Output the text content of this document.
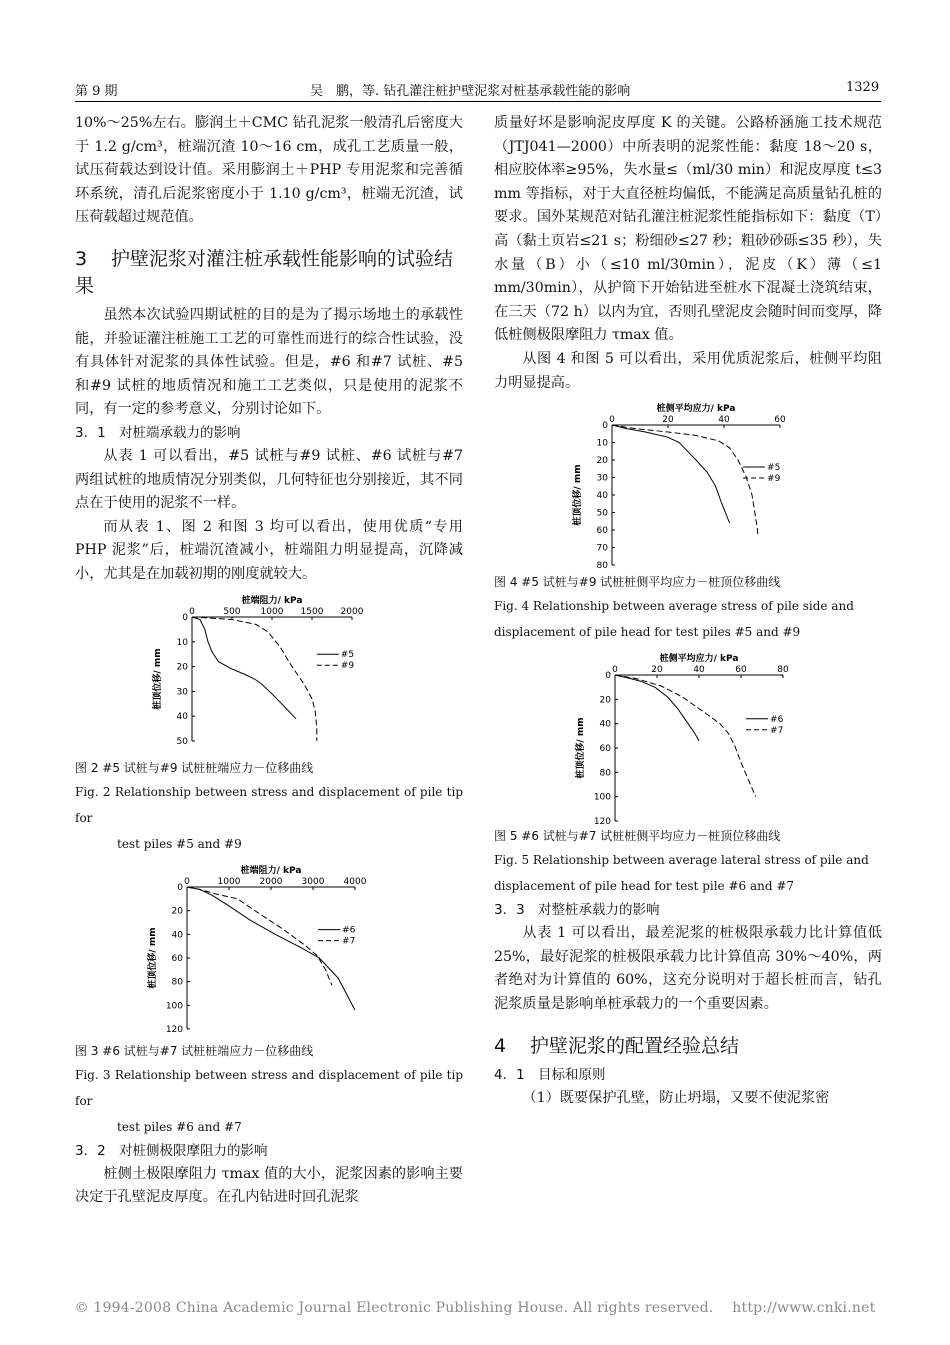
第 9 期	吴　鹏，等. 钻孔灌注桩护壁泥浆对桩基承载性能的影响	1329

10%～25%左右。膨润土＋CMC 钻孔泥浆一般清孔后密度大于 1.2 g/cm³，桩端沉渣 10～16 cm，成孔工艺质量一般，试压荷载达到设计值。采用膨润土＋PHP 专用泥浆和完善循环系统，清孔后泥浆密度小于 1.10 g/cm³，桩端无沉渣，试压荷载超过规范值。

3 护壁泥浆对灌注桩承载性能影响的试验结果

虽然本次试验四期试桩的目的是为了揭示场地土的承载性能，并验证灌注桩施工工艺的可靠性而进行的综合性试验，没有具体针对泥浆的具体性试验。但是，#6 和#7 试桩、#5 和#9 试桩的地质情况和施工工艺类似，只是使用的泥浆不同，有一定的参考意义，分别讨论如下。

3．1 对桩端承载力的影响

从表 1 可以看出，#5 试桩与#9 试桩、#6 试桩与#7 两组试桩的地质情况分别类似，几何特征也分别接近，其不同点在于使用的泥浆不一样。

而从表 1、图 2 和图 3 均可以看出，使用优质“专用 PHP 泥浆”后，桩端沉渣减小，桩端阻力明显提高，沉降减小，尤其是在加载初期的刚度就较大。

桩端阻力/ kPa
桩顶位移/ mm
0	500 1000 1500 2000
0
10
20
30
40
50
#5
#9

图 2 #5 试桩与#9 试桩桩端应力－位移曲线

Fig. 2 Relationship between stress and displacement of pile tip for

test piles #5 and #9

桩端阻力/ kPa
桩顶位移/ mm
0	1000 2000 3000 4000
0
20
40
60
80
100
120
#6
#7

图 3 #6 试桩与#7 试桩桩端应力－位移曲线

Fig. 3 Relationship between stress and displacement of pile tip for

test piles #6 and #7

3．2 对桩侧极限摩阻力的影响

桩侧土极限摩阻力 τmax 值的大小，泥浆因素的影响主要决定于孔壁泥皮厚度。在孔内钻进时回孔泥浆

质量好坏是影响泥皮厚度 K 的关键。公路桥涵施工技术规范（JTJ041—2000）中所表明的泥浆性能：黏度 18～20 s，相应胶体率≥95%，失水量≤（ml/30 min）和泥皮厚度 t≤3 mm 等指标，对于大直径桩均偏低，不能满足高质量钻孔桩的要求。国外某规范对钻孔灌注桩泥浆性能指标如下：黏度（T）高（黏土页岩≤21 s；粉细砂≤27 秒；粗砂砂砾≤35 秒），失水量（B）小（≤10 ml/30min），泥皮（K）薄（≤1 mm/30min），从护筒下开始钻进至桩水下混凝土浇筑结束，在三天（72 h）以内为宜，否则孔壁泥皮会随时间而变厚，降低桩侧极限摩阻力 τmax 值。

从图 4 和图 5 可以看出，采用优质泥浆后，桩侧平均阻力明显提高。

桩侧平均应力/ kPa
桩顶位移/ mm
0	20	40	60
0
10
20
30
40
50
60
70
80
#5
#9

图 4 #5 试桩与#9 试桩桩侧平均应力－桩顶位移曲线

Fig. 4 Relationship between average stress of pile side and

displacement of pile head for test piles #5 and #9

桩侧平均应力/ kPa
桩顶位移/ mm
0	20	40	60	80
0
20
40
60
80
100
120
#6
#7

图 5 #6 试桩与#7 试桩桩侧平均应力－桩顶位移曲线

Fig. 5 Relationship between average lateral stress of pile and

displacement of pile head for test pile #6 and #7

3．3 对整桩承载力的影响

从表 1 可以看出，最差泥浆的桩极限承载力比计算值低 25%，最好泥浆的桩极限承载力比计算值高 30%～40%，两者绝对为计算值的 60%，这充分说明对于超长桩而言，钻孔泥浆质量是影响单桩承载力的一个重要因素。

4 护壁泥浆的配置经验总结
4．1 目标和原则

（1）既要保护孔壁，防止坍塌，又要不使泥浆密

© 1994-2008 China Academic Journal Electronic Publishing House. All rights reserved.　 http://www.cnki.net
